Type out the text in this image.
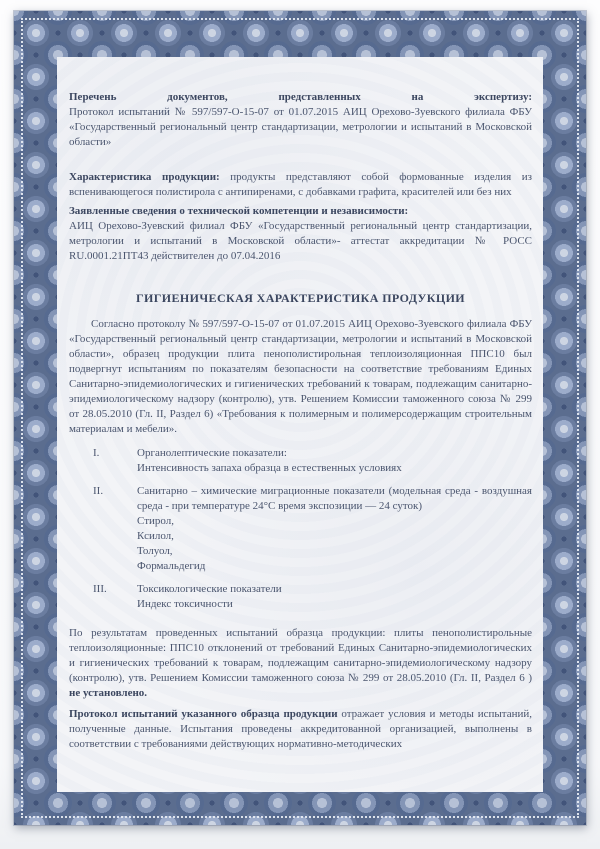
Перечень документов, представленных на экспертизу:

Протокол испытаний № 597/597-О-15-07 от 01.07.2015 АИЦ Орехово-Зуевского филиала ФБУ «Государственный региональный центр стандартизации, метрологии и испытаний в Московской области»

Характеристика продукции: продукты представляют собой формованные изделия из вспенивающегося полистирола с антипиренами, с добавками графита, красителей или без них

Заявленные сведения о технической компетенции и независимости:

АИЦ Орехово-Зуевский филиал ФБУ «Государственный региональный центр стандартизации, метрологии и испытаний в Московской области»- аттестат аккредитации № РОСС RU.0001.21ПТ43 действителен до 07.04.2016

ГИГИЕНИЧЕСКАЯ ХАРАКТЕРИСТИКА ПРОДУКЦИИ

Согласно протоколу № 597/597-О-15-07 от 01.07.2015 АИЦ Орехово-Зуевского филиала ФБУ «Государственный региональный центр стандартизации, метрологии и испытаний в Московской области», образец продукции плита пенополистирольная теплоизоляционная ППС10 был подвергнут испытаниям по показателям безопасности на соответствие требованиям Единых Санитарно-эпидемиологических и гигиенических требований к товарам, подлежащим санитарно-эпидемиологическому надзору (контролю), утв. Решением Комиссии таможенного союза № 299 от 28.05.2010 (Гл. II, Раздел 6) «Требования к полимерным и полимерсодержащим строительным материалам и мебели».

I.	Органолептические показатели:

Интенсивность запаха образца в естественных условиях

II.	Санитарно – химические миграционные показатели (модельная среда - воздушная среда - при температуре 24°С время экспозиции — 24 суток)

Стирол,

Ксилол,

Толуол,

Формальдегид

III.	Токсикологические показатели

Индекс токсичности

По результатам проведенных испытаний образца продукции: плиты пенополистирольные теплоизоляционные: ППС10 отклонений от требований Единых Санитарно-эпидемиологических и гигиенических требований к товарам, подлежащим санитарно-эпидемиологическому надзору (контролю), утв. Решением Комиссии таможенного союза № 299 от 28.05.2010 (Гл. II, Раздел 6 ) не установлено.

Протокол испытаний указанного образца продукции отражает условия и методы испытаний, полученные данные. Испытания проведены аккредитованной организацией, выполнены в соответствии с требованиями действующих нормативно-методических
